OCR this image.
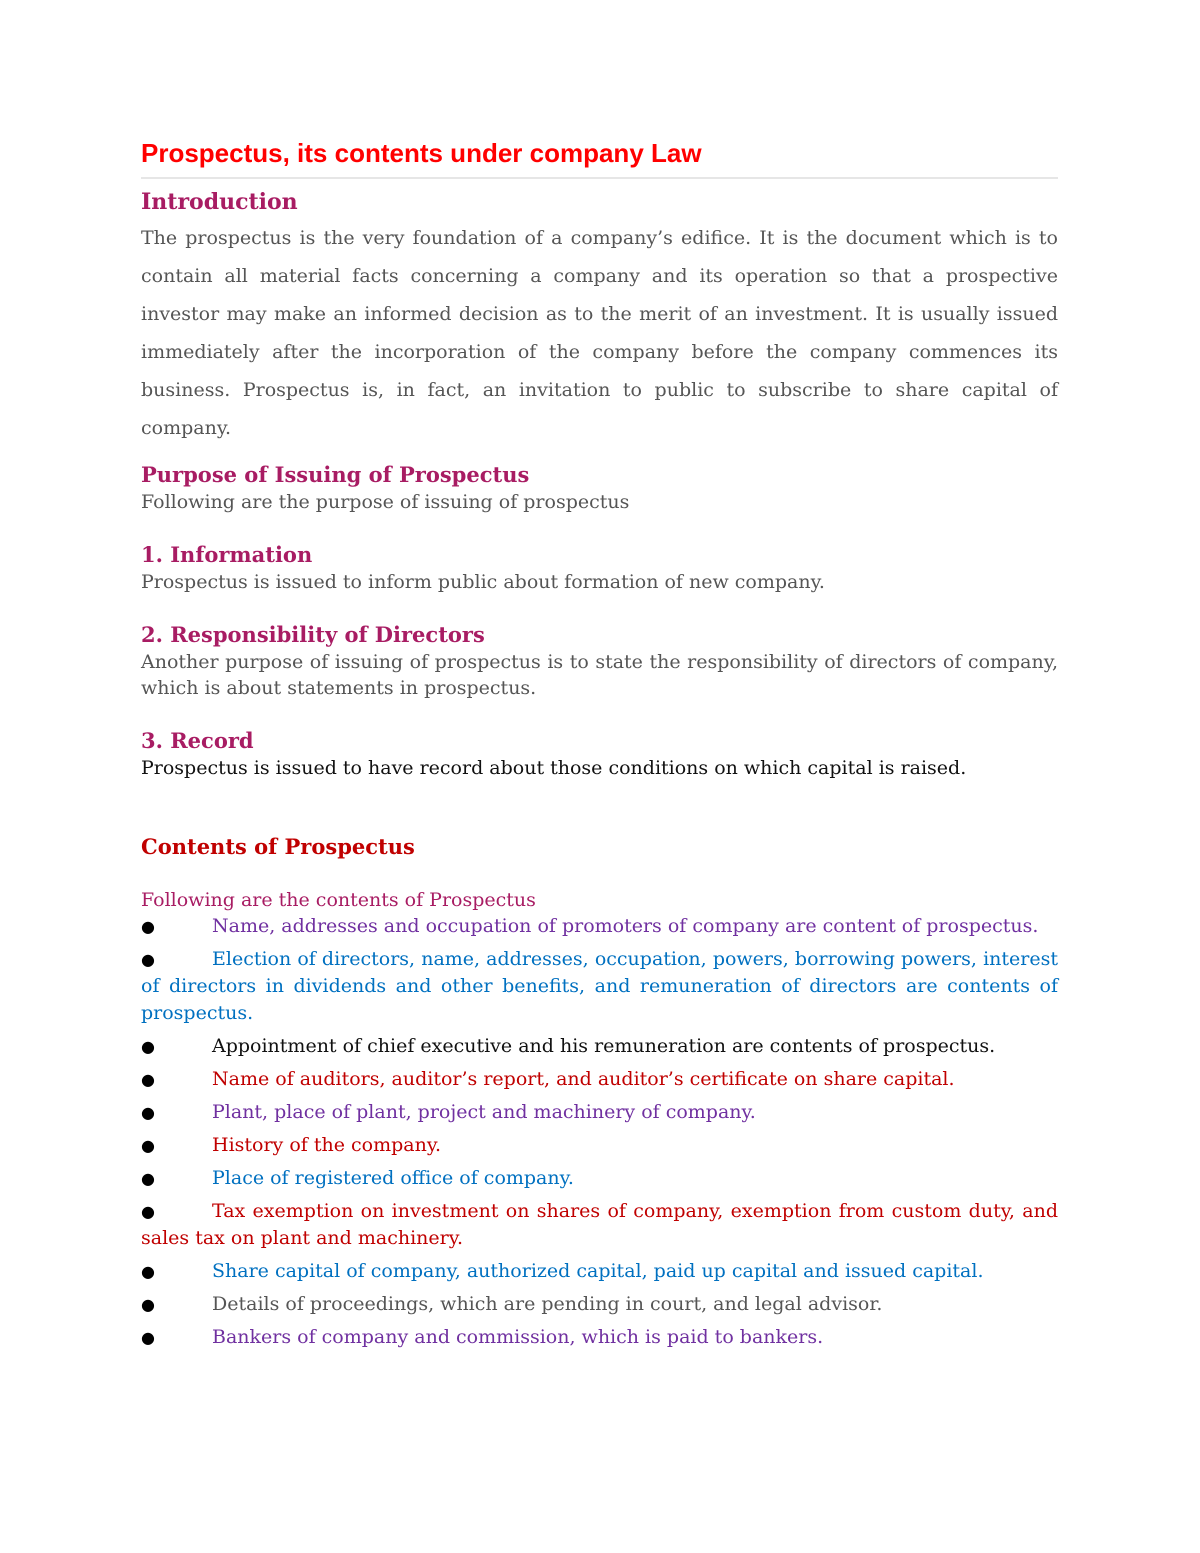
Prospectus, its contents under company Law
Introduction

The prospectus is the very foundation of a company’s edifice. It is the document which is to contain all material facts concerning a company and its operation so that a prospective investor may make an informed decision as to the merit of an investment. It is usually issued immediately after the incorporation of the company before the company commences its business. Prospectus is, in fact, an invitation to public to subscribe to share capital of company.

Purpose of Issuing of Prospectus

Following are the purpose of issuing of prospectus

1. Information

Prospectus is issued to inform public about formation of new company.

2. Responsibility of Directors

Another purpose of issuing of prospectus is to state the responsibility of directors of company, which is about statements in prospectus.

3. Record

Prospectus is issued to have record about those conditions on which capital is raised.

Contents of Prospectus

Following are the contents of Prospectus

●	Name, addresses and occupation of promoters of company are content of prospectus.
●	Election of directors, name, addresses, occupation, powers, borrowing powers, interest of directors in dividends and other benefits, and remuneration of directors are contents of prospectus.
●	Appointment of chief executive and his remuneration are contents of prospectus.
●	Name of auditors, auditor’s report, and auditor’s certificate on share capital.
●	Plant, place of plant, project and machinery of company.
●	History of the company.
●	Place of registered office of company.
●	Tax exemption on investment on shares of company, exemption from custom duty, and sales tax on plant and machinery.
●	Share capital of company, authorized capital, paid up capital and issued capital.
●	Details of proceedings, which are pending in court, and legal advisor.
●	Bankers of company and commission, which is paid to bankers.
